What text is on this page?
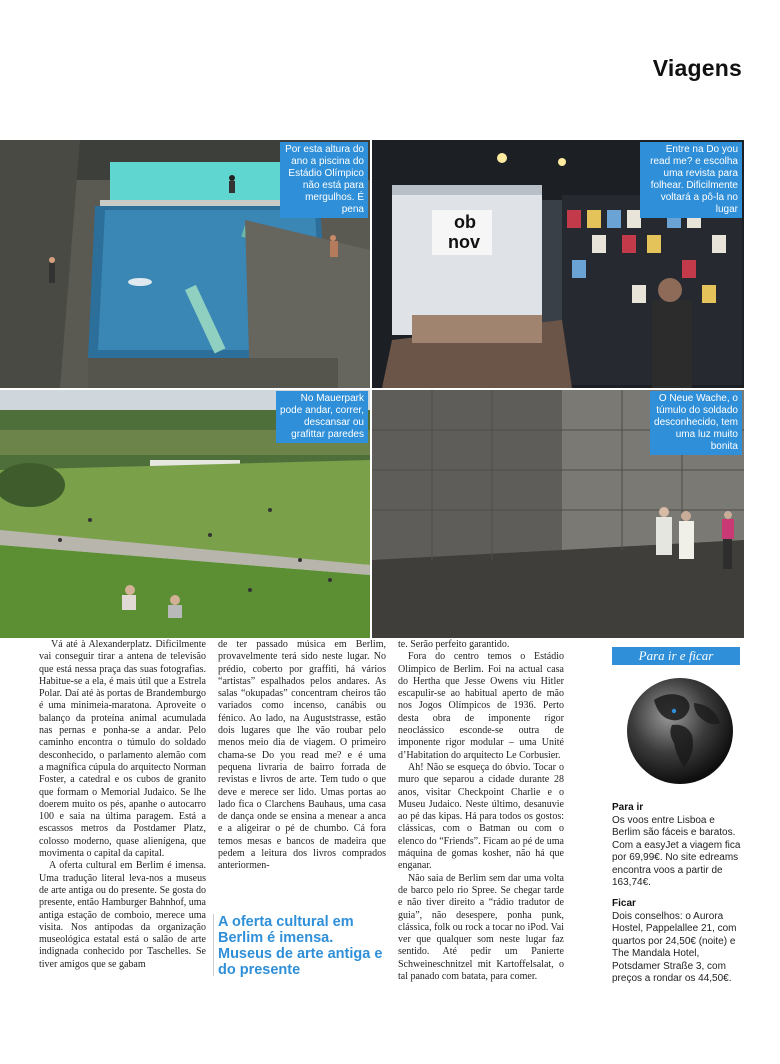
Viagens
Por esta altura do ano a piscina do Estádio Olímpico não está para mergulhos. É pena
ob
nov
Entre na Do you read me? e escolha uma revista para folhear. Dificilmente voltará a pô-la no lugar
No Mauerpark pode andar, correr, descansar ou grafittar paredes
O Neue Wache, o túmulo do soldado desconhecido, tem uma luz muito bonita

Vá até à Alexanderplatz. Dificilmente vai conseguir tirar a antena de televisão que está nessa praça das suas fotografias. Habitue-se a ela, é mais útil que a Estrela Polar. Daí até às portas de Brandemburgo é uma minimeia-maratona. Aproveite o balanço da proteína animal acumulada nas pernas e ponha-se a andar. Pelo caminho encontra o túmulo do soldado desconhecido, o parlamento alemão com a magnífica cúpula do arquitecto Norman Foster, a catedral e os cubos de granito que formam o Memorial Judaico. Se lhe doerem muito os pés, apanhe o autocarro 100 e saia na última paragem. Está a escassos metros da Postdamer Platz, colosso moderno, quase alienígena, que movimenta o capital da capital.

A oferta cultural em Berlim é imensa. Uma tradução literal leva-nos a museus de arte antiga ou do presente. Se gosta do presente, então Hamburger Bahnhof, uma antiga estação de comboio, merece uma visita. Nos antípodas da organização museológica estatal está o salão de arte indignada conhecido por Taschelles. Se tiver amigos que se gabam

de ter passado música em Berlim, provavelmente terá sido neste lugar. No prédio, coberto por graffiti, há vários “artistas” espalhados pelos andares. As salas “okupadas” concentram cheiros tão variados como incenso, canábis ou fénico. Ao lado, na Auguststrasse, estão dois lugares que lhe vão roubar pelo menos meio dia de viagem. O primeiro chama-se Do you read me? e é uma pequena livraria de bairro forrada de revistas e livros de arte. Tem tudo o que deve e merece ser lido. Umas portas ao lado fica o Clarchens Bauhaus, uma casa de dança onde se ensina a menear a anca e a aligeirar o pé de chumbo. Cá fora temos mesas e bancos de madeira que pedem a leitura dos livros comprados anteriormen-

A oferta cultural em Berlim é imensa. Museus de arte antiga e do presente

te. Serão perfeito garantido.

Fora do centro temos o Estádio Olímpico de Berlim. Foi na actual casa do Hertha que Jesse Owens viu Hitler escapulir-se ao habitual aperto de mão nos Jogos Olímpicos de 1936. Perto desta obra de imponente rigor neoclássico esconde-se outra de imponente rigor modular – uma Unité d’Habitation do arquitecto Le Corbusier.

Ah! Não se esqueça do óbvio. Tocar o muro que separou a cidade durante 28 anos, visitar Checkpoint Charlie e o Museu Judaico. Neste último, desanuvie ao pé das kipas. Há para todos os gostos: clássicas, com o Batman ou com o elenco do “Friends”. Ficam ao pé de uma máquina de gomas kosher, não há que enganar.

Não saia de Berlim sem dar uma volta de barco pelo rio Spree. Se chegar tarde e não tiver direito a “rádio tradutor de guia”, não desespere, ponha punk, clássica, folk ou rock a tocar no iPod. Vai ver que qualquer som neste lugar faz sentido. Até pedir um Panierte Schweineschnitzel mit Kartoffelsalat, o tal panado com batata, para comer.

Para ir e ficar
Para ir
Os voos entre Lisboa e Berlim são fáceis e baratos. Com a easyJet a viagem fica por 69,99€. No site edreams encontra voos a partir de 163,74€.
Ficar
Dois conselhos: o Aurora Hostel, Pappelallee 21, com quartos por 24,50€ (noite) e The Mandala Hotel, Potsdamer Straße 3, com preços a rondar os 44,50€.
